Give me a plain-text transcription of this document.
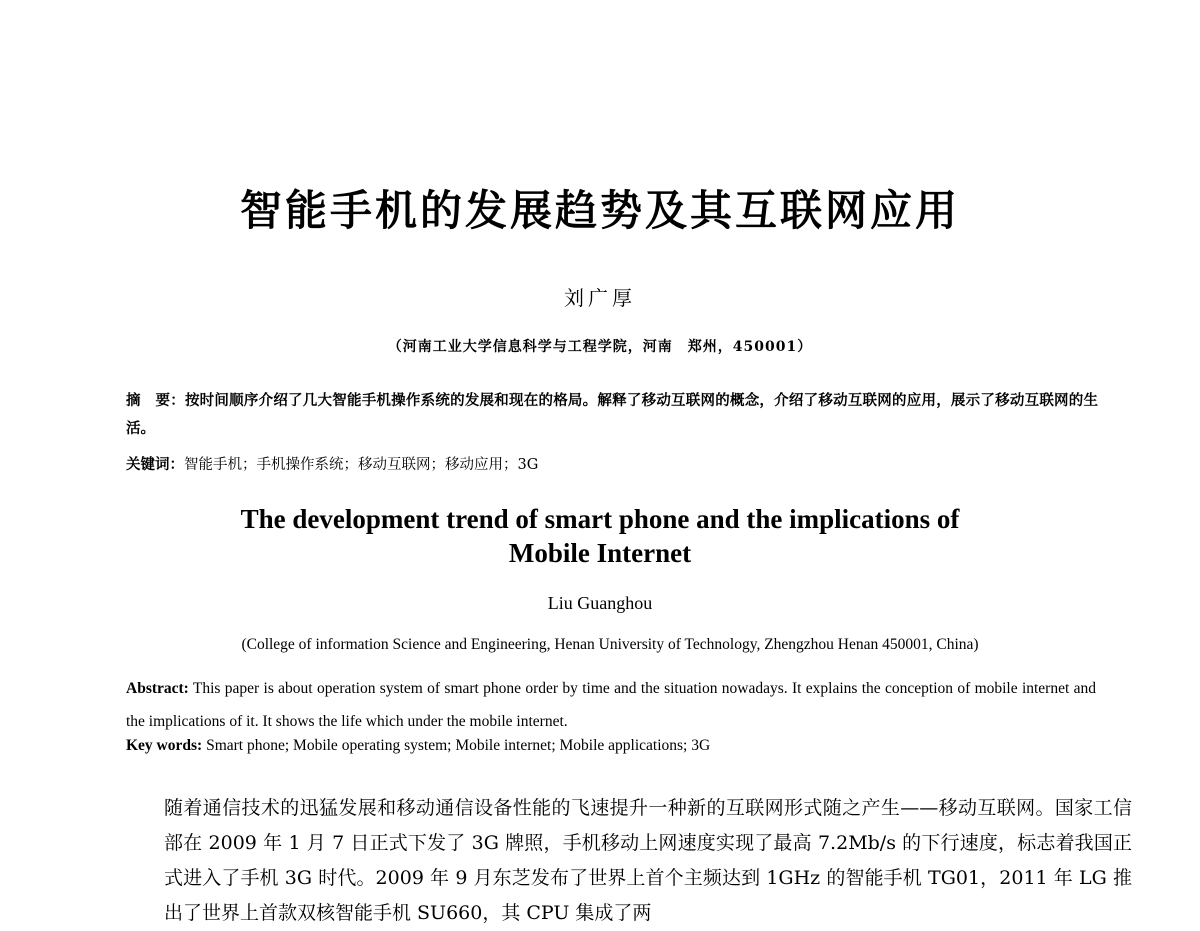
智能手机的发展趋势及其互联网应用
刘广厚
（河南工业大学信息科学与工程学院，河南　郑州，450001）
摘　要：按时间顺序介绍了几大智能手机操作系统的发展和现在的格局。解释了移动互联网的概念，介绍了移动互联网的应用，展示了移动互联网的生活。
关键词：智能手机；手机操作系统；移动互联网；移动应用；3G
The development trend of smart phone and the implications of
Mobile Internet
Liu Guanghou
(College of information Science and Engineering, Henan University of Technology, Zhengzhou Henan 450001, China)
Abstract: This paper is about operation system of smart phone order by time and the situation nowadays. It explains the conception of mobile internet and the implications of it. It shows the life which under the mobile internet.
Key words: Smart phone; Mobile operating system; Mobile internet; Mobile applications; 3G
随着通信技术的迅猛发展和移动通信设备性能的飞速提升一种新的互联网形式随之产生——移动互联网。国家工信部在 2009 年 1 月 7 日正式下发了 3G 牌照，手机移动上网速度实现了最高 7.2Mb/s 的下行速度，标志着我国正式进入了手机 3G 时代。2009 年 9 月东芝发布了世界上首个主频达到 1GHz 的智能手机 TG01，2011 年 LG 推出了世界上首款双核智能手机 SU660，其 CPU 集成了两
